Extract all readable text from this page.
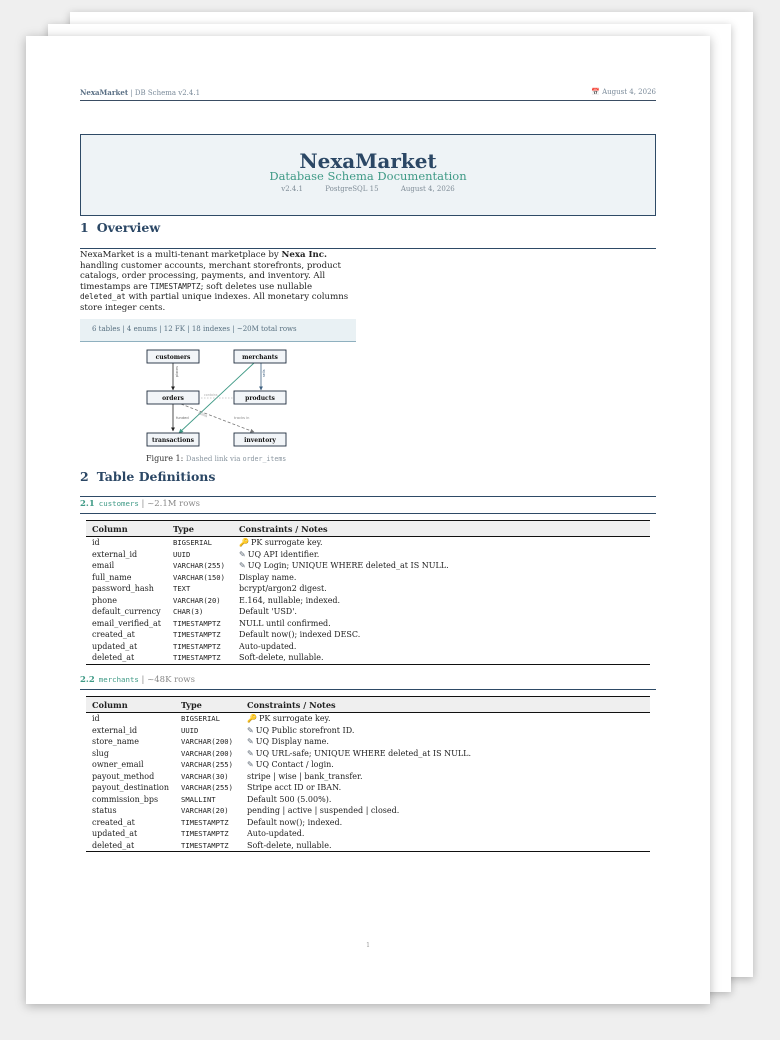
NexaMarket | DB Schema v2.4.1	📅 August 4, 2026
NexaMarket
Database Schema Documentation
v2.4.1	PostgreSQL 15	August 4, 2026
1 Overview
NexaMarket is a multi-tenant marketplace by Nexa Inc.
handling customer accounts, merchant storefronts, product
catalogs, order processing, payments, and inventory. All
timestamps are TIMESTAMPTZ; soft deletes use nullable
deleted_at with partial unique indexes. All monetary columns
store integer cents.
6 tables | 4 enums | 12 FK | 18 indexes | ~20M total rows
places	sells
funded	tracks in
fulfills
contains
customers	merchants
orders	products
transactions	inventory
Figure 1: Dashed link via order_items
2 Table Definitions
2.1 customers | ~2.1M rows
Column	Type	Constraints / Notes
id	BIGSERIAL	🔑 PK surrogate key.
external_id	UUID	✎ UQ API identifier.
email	VARCHAR(255)	✎ UQ Login; UNIQUE WHERE deleted_at IS NULL.
full_name	VARCHAR(150)	Display name.
password_hash	TEXT	bcrypt/argon2 digest.
phone	VARCHAR(20)	E.164, nullable; indexed.
default_currency	CHAR(3)	Default 'USD'.
email_verified_at	TIMESTAMPTZ	NULL until confirmed.
created_at	TIMESTAMPTZ	Default now(); indexed DESC.
updated_at	TIMESTAMPTZ	Auto-updated.
deleted_at	TIMESTAMPTZ	Soft-delete, nullable.
2.2 merchants | ~48K rows
Column	Type	Constraints / Notes
id	BIGSERIAL	🔑 PK surrogate key.
external_id	UUID	✎ UQ Public storefront ID.
store_name	VARCHAR(200)	✎ UQ Display name.
slug	VARCHAR(200)	✎ UQ URL-safe; UNIQUE WHERE deleted_at IS NULL.
owner_email	VARCHAR(255)	✎ UQ Contact / login.
payout_method	VARCHAR(30)	stripe | wise | bank_transfer.
payout_destination	VARCHAR(255)	Stripe acct ID or IBAN.
commission_bps	SMALLINT	Default 500 (5.00%).
status	VARCHAR(20)	pending | active | suspended | closed.
created_at	TIMESTAMPTZ	Default now(); indexed.
updated_at	TIMESTAMPTZ	Auto-updated.
deleted_at	TIMESTAMPTZ	Soft-delete, nullable.
1
